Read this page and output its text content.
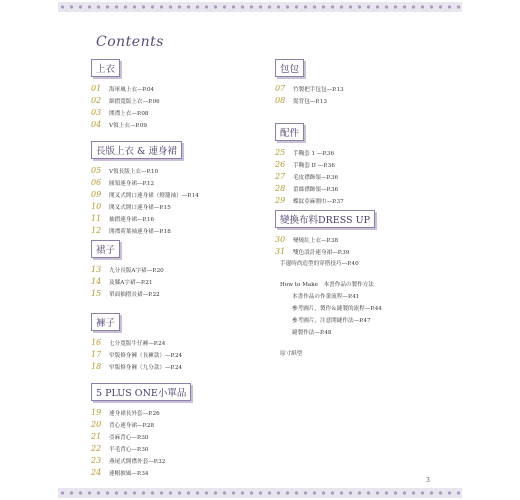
Contents
上衣
01	海軍風上衣—P.04
02	細摺寬版上衣—P.06
03	開襟上衣—P.08
04	V領上衣—P.09
長版上衣 & 連身裙
05	V領長版上衣—P.10
06	圓領連身裙—P.12
09	開叉式開口連身裙（燈籠袖）—P.14
10	開叉式開口連身裙—P.15
11	抽摺連身裙—P.16
12	開襟荷葉袖連身裙—P.18
裙子
13	九分長版A字裙—P.20
14	及膝A字裙—P.21
15	單面抽摺長裙—P.22
褲子
16	七分寬版牛仔褲—P.24
17	窄版修身褲（長褲款）—P.24
18	窄版修身褲（九分款）—P.24
5 PLUS ONE小單品
19	連身裙長外套—P.26
20	背心連身裙—P.28
21	亞麻背心—P.30
22	半毛背心—P.30
23	燕尾式開襟外套—P.32
24	連帽披風—P.34
包包
07	竹製把手包包—P.13
08	髮背包—P.13
配件
25	手鞠套 1 —P.36
26	手鞠套 II —P.36
27	毛皮襟飾領—P.36
28	蕾絲襟飾領—P.36
29	蝶紋亞麻圍巾—P.37
變換布料DRESS UP
30	變燒紅上衣—P.38
31	雙色設計連身裙—P.39
手邊時尚造型的穿搭技巧—P.40
How to Make　本書作品の製作方法
本書作品の作業流程—P.41
參考圖片，製作＆縫製的流程—P.44
參考圖片，注意開縫作法—P.47
縫製作法—P.48
原寸紙型
3
